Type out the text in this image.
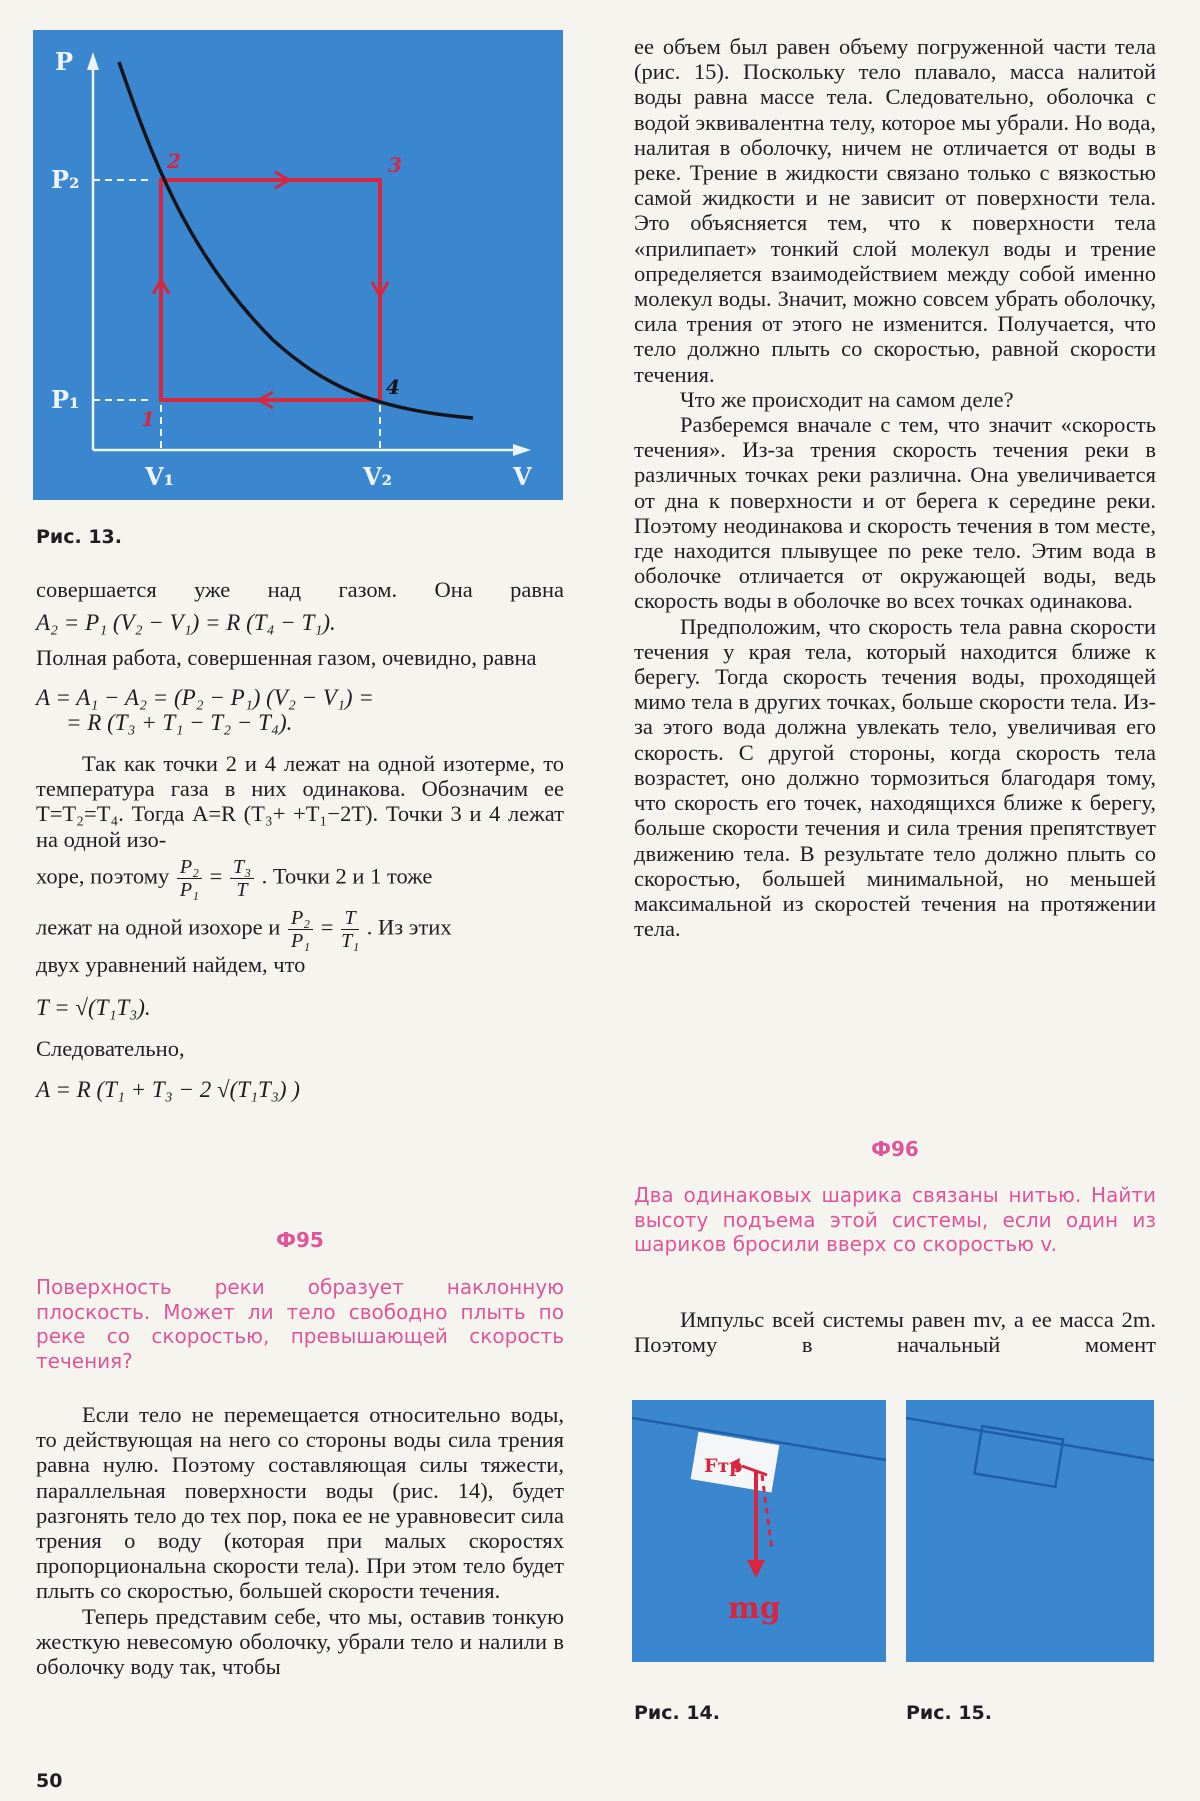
P
V
P₂
P₁
V₁	V₂
1
2	3
4
Рис. 13.

совершается уже над газом. Она равна

A₂ = P₁ (V₂ − V₁) = R (T₄ − T₁).

Полная работа, совершенная газом, очевидно, равна

A = A₁ − A₂ = (P₂ − P₁) (V₂ − V₁) =

= R (T₃ + T₁ − T₂ − T₄).

Так как точки 2 и 4 лежат на одной изотерме, то температура газа в них одинакова. Обозначим ее T=T₂=T₄. Тогда A=R (T₃+ +T₁−2T). Точки 3 и 4 лежат на одной изо-

хоре, поэтому $\frac{\text{P₂}}{\text{P₁}} = \frac{\text{T₃}}{T}$ . Точки 2 и 1 тоже
лежат на одной изохоре и $\frac{\text{P₂}}{\text{P₁}} = \frac{T}{\text{T₁}}$ . Из этих

двух уравнений найдем, что

T = √(T₁T₃).

Следовательно,

A = R (T₁ + T₃ − 2 √(T₁T₃) )

Ф95
Поверхность реки образует наклонную плоскость. Может ли тело свободно плыть по реке со скоростью, превышающей скорость течения?

Если тело не перемещается относительно воды, то действующая на него со стороны воды сила трения равна нулю. Поэтому составляющая силы тяжести, параллельная поверхности воды (рис. 14), будет разгонять тело до тех пор, пока ее не уравновесит сила трения о воду (которая при малых скоростях пропорциональна скорости тела). При этом тело будет плыть со скоростью, большей скорости течения.

Теперь представим себе, что мы, оставив тонкую жесткую невесомую оболочку, убрали тело и налили в оболочку воду так, чтобы

50

ее объем был равен объему погруженной части тела (рис. 15). Поскольку тело плавало, масса налитой воды равна массе тела. Следовательно, оболочка с водой эквивалентна телу, которое мы убрали. Но вода, налитая в оболочку, ничем не отличается от воды в реке. Трение в жидкости связано только с вязкостью самой жидкости и не зависит от поверхности тела. Это объясняется тем, что к поверхности тела «прилипает» тонкий слой молекул воды и трение определяется взаимодействием между собой именно молекул воды. Значит, можно совсем убрать оболочку, сила трения от этого не изменится. Получается, что тело должно плыть со скоростью, равной скорости течения.

Что же происходит на самом деле?

Разберемся вначале с тем, что значит «скорость течения». Из-за трения скорость течения реки в различных точках реки различна. Она увеличивается от дна к поверхности и от берега к середине реки. Поэтому неодинакова и скорость течения в том месте, где находится плывущее по реке тело. Этим вода в оболочке отличается от окружающей воды, ведь скорость воды в оболочке во всех точках одинакова.

Предположим, что скорость тела равна скорости течения у края тела, который находится ближе к берегу. Тогда скорость течения воды, проходящей мимо тела в других точках, больше скорости тела. Из-за этого вода должна увлекать тело, увеличивая его скорость. С другой стороны, когда скорость тела возрастет, оно должно тормозиться благодаря тому, что скорость его точек, находящихся ближе к берегу, больше скорости течения и сила трения препятствует движению тела. В результате тело должно плыть со скоростью, большей минимальной, но меньшей максимальной из скоростей течения на протяжении тела.

Ф96
Два одинаковых шарика связаны нитью. Найти высоту подъема этой системы, если один из шариков бросили вверх со скоростью v.

Импульс всей системы равен mv, а ее масса 2m. Поэтому в начальный момент

Fтр
mg
Рис. 14.	Рис. 15.
